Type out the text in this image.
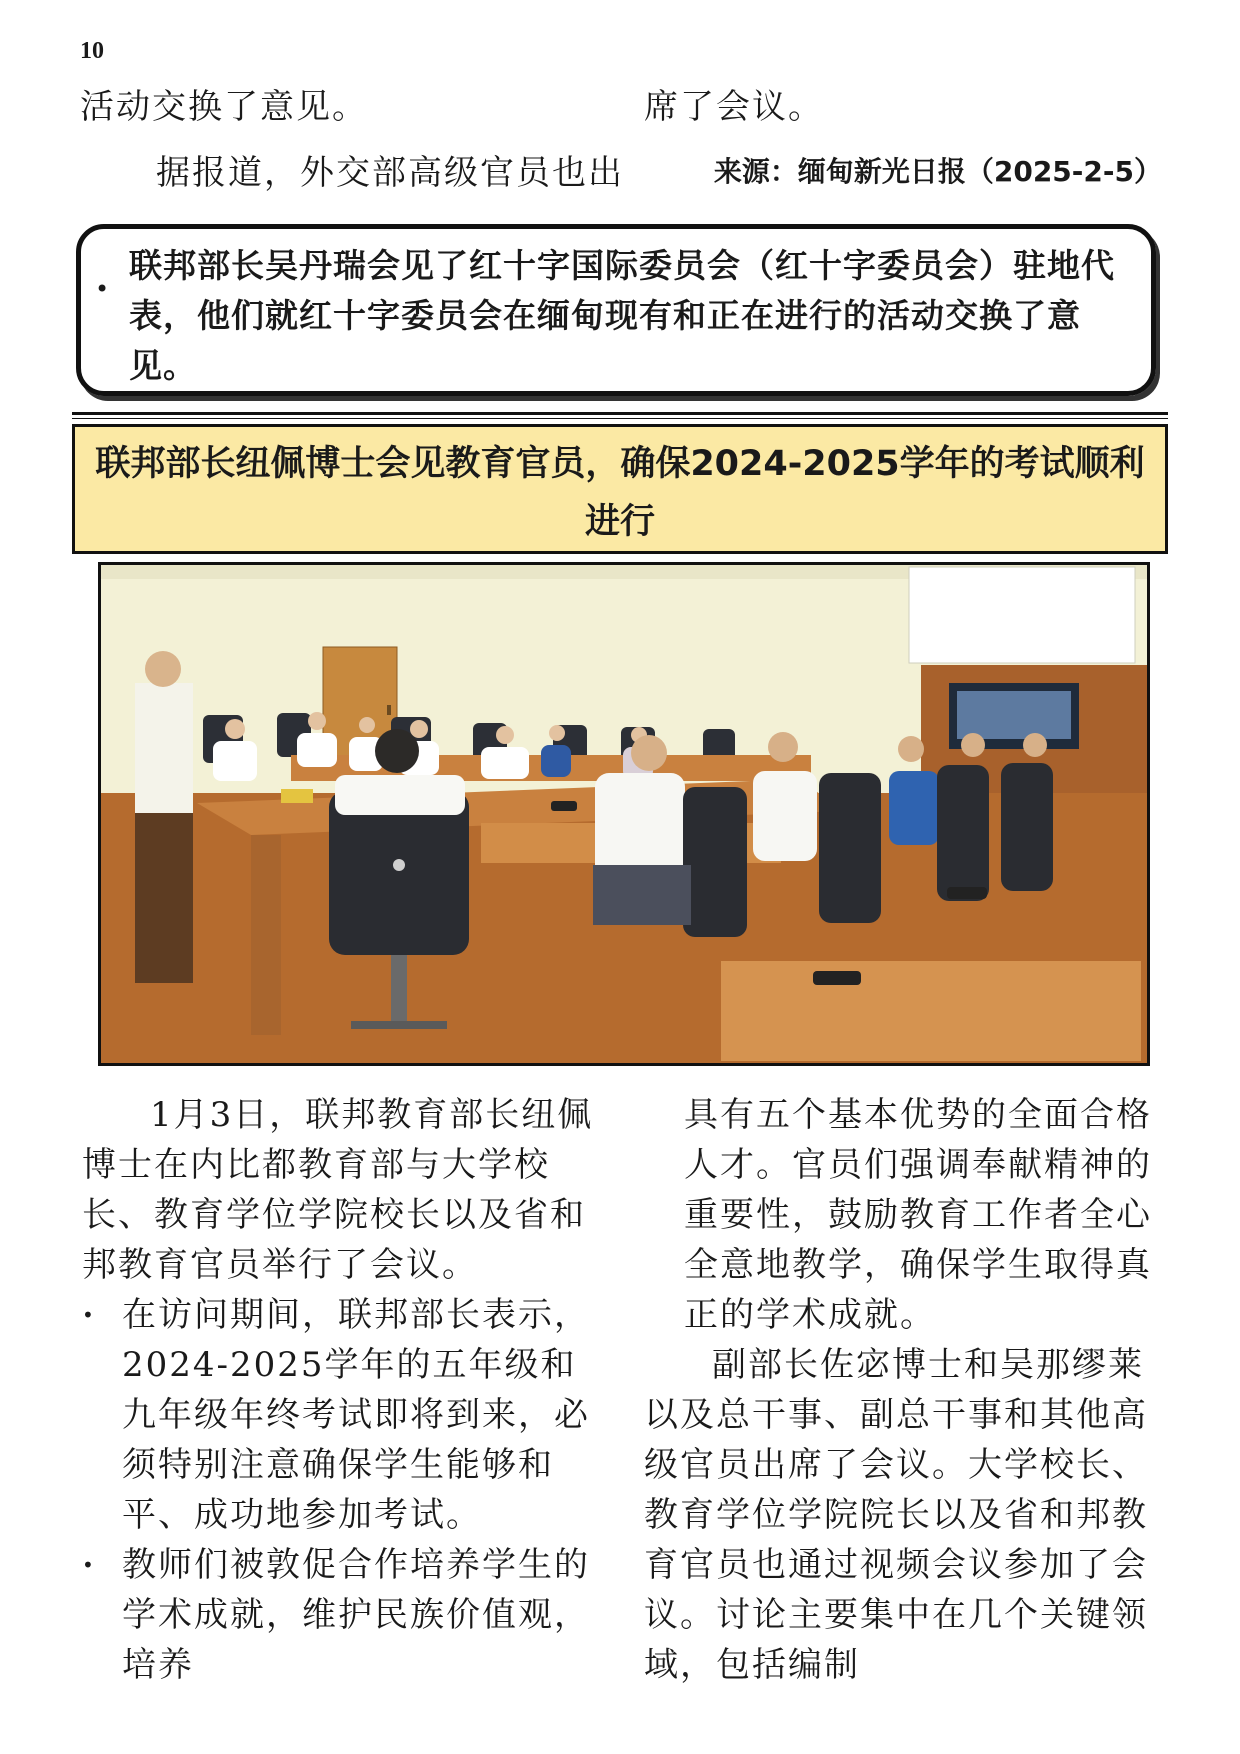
10
活动交换了意见。
据报道，外交部高级官员也出
席了会议。
来源：缅甸新光日报（2025-2-5）
•
联邦部长吴丹瑞会见了红十字国际委员会（红十字委员会）驻地代表，他们就红十字委员会在缅甸现有和正在进行的活动交换了意见。
联邦部长纽佩博士会见教育官员，确保2024-2025学年的考试顺利
进行

1月3日，联邦教育部长纽佩博士在内比都教育部与大学校长、教育学位学院校长以及省和邦教育官员举行了会议。

• 在访问期间，联邦部长表示，2024-2025学年的五年级和九年级年终考试即将到来，必须特别注意确保学生能够和平、成功地参加考试。
• 教师们被敦促合作培养学生的学术成就，维护民族价值观，培养

具有五个基本优势的全面合格人才。官员们强调奉献精神的重要性，鼓励教育工作者全心全意地教学，确保学生取得真正的学术成就。

副部长佐宓博士和吴那缪莱以及总干事、副总干事和其他高级官员出席了会议。大学校长、教育学位学院院长以及省和邦教育官员也通过视频会议参加了会议。讨论主要集中在几个关键领域，包括编制
